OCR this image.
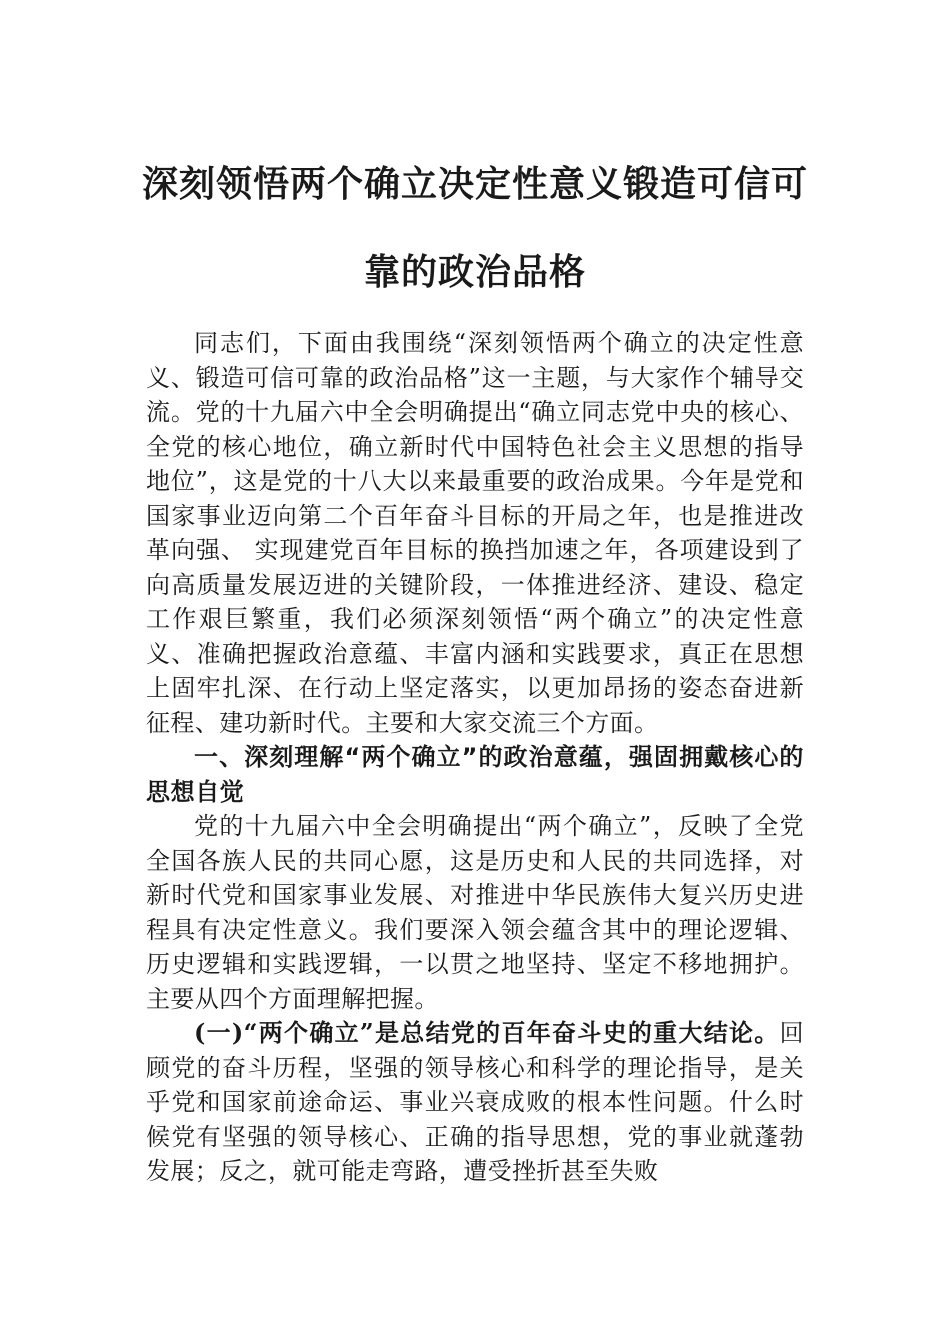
深刻领悟两个确立决定性意义锻造可信可
靠的政治品格

同志们，下面由我围绕“深刻领悟两个确立的决定性意义、锻造可信可靠的政治品格”这一主题，与大家作个辅导交流。党的十九届六中全会明确提出“确立同志党中央的核心、全党的核心地位，确立新时代中国特色社会主义思想的指导地位”，这是党的十八大以来最重要的政治成果。今年是党和国家事业迈向第二个百年奋斗目标的开局之年，也是推进改革向强、 实现建党百年目标的换挡加速之年，各项建设到了向高质量发展迈进的关键阶段，一体推进经济、建设、稳定工作艰巨繁重，我们必须深刻领悟“两个确立”的决定性意义、准确把握政治意蕴、丰富内涵和实践要求，真正在思想上固牢扎深、在行动上坚定落实，以更加昂扬的姿态奋进新征程、建功新时代。主要和大家交流三个方面。

一、深刻理解“两个确立”的政治意蕴，强固拥戴核心的思想自觉

党的十九届六中全会明确提出“两个确立”，反映了全党全国各族人民的共同心愿，这是历史和人民的共同选择，对新时代党和国家事业发展、对推进中华民族伟大复兴历史进程具有决定性意义。我们要深入领会蕴含其中的理论逻辑、历史逻辑和实践逻辑，一以贯之地坚持、坚定不移地拥护。主要从四个方面理解把握。

(一)“两个确立”是总结党的百年奋斗史的重大结论。回顾党的奋斗历程，坚强的领导核心和科学的理论指导，是关乎党和国家前途命运、事业兴衰成败的根本性问题。什么时候党有坚强的领导核心、正确的指导思想，党的事业就蓬勃发展；反之，就可能走弯路，遭受挫折甚至失败
